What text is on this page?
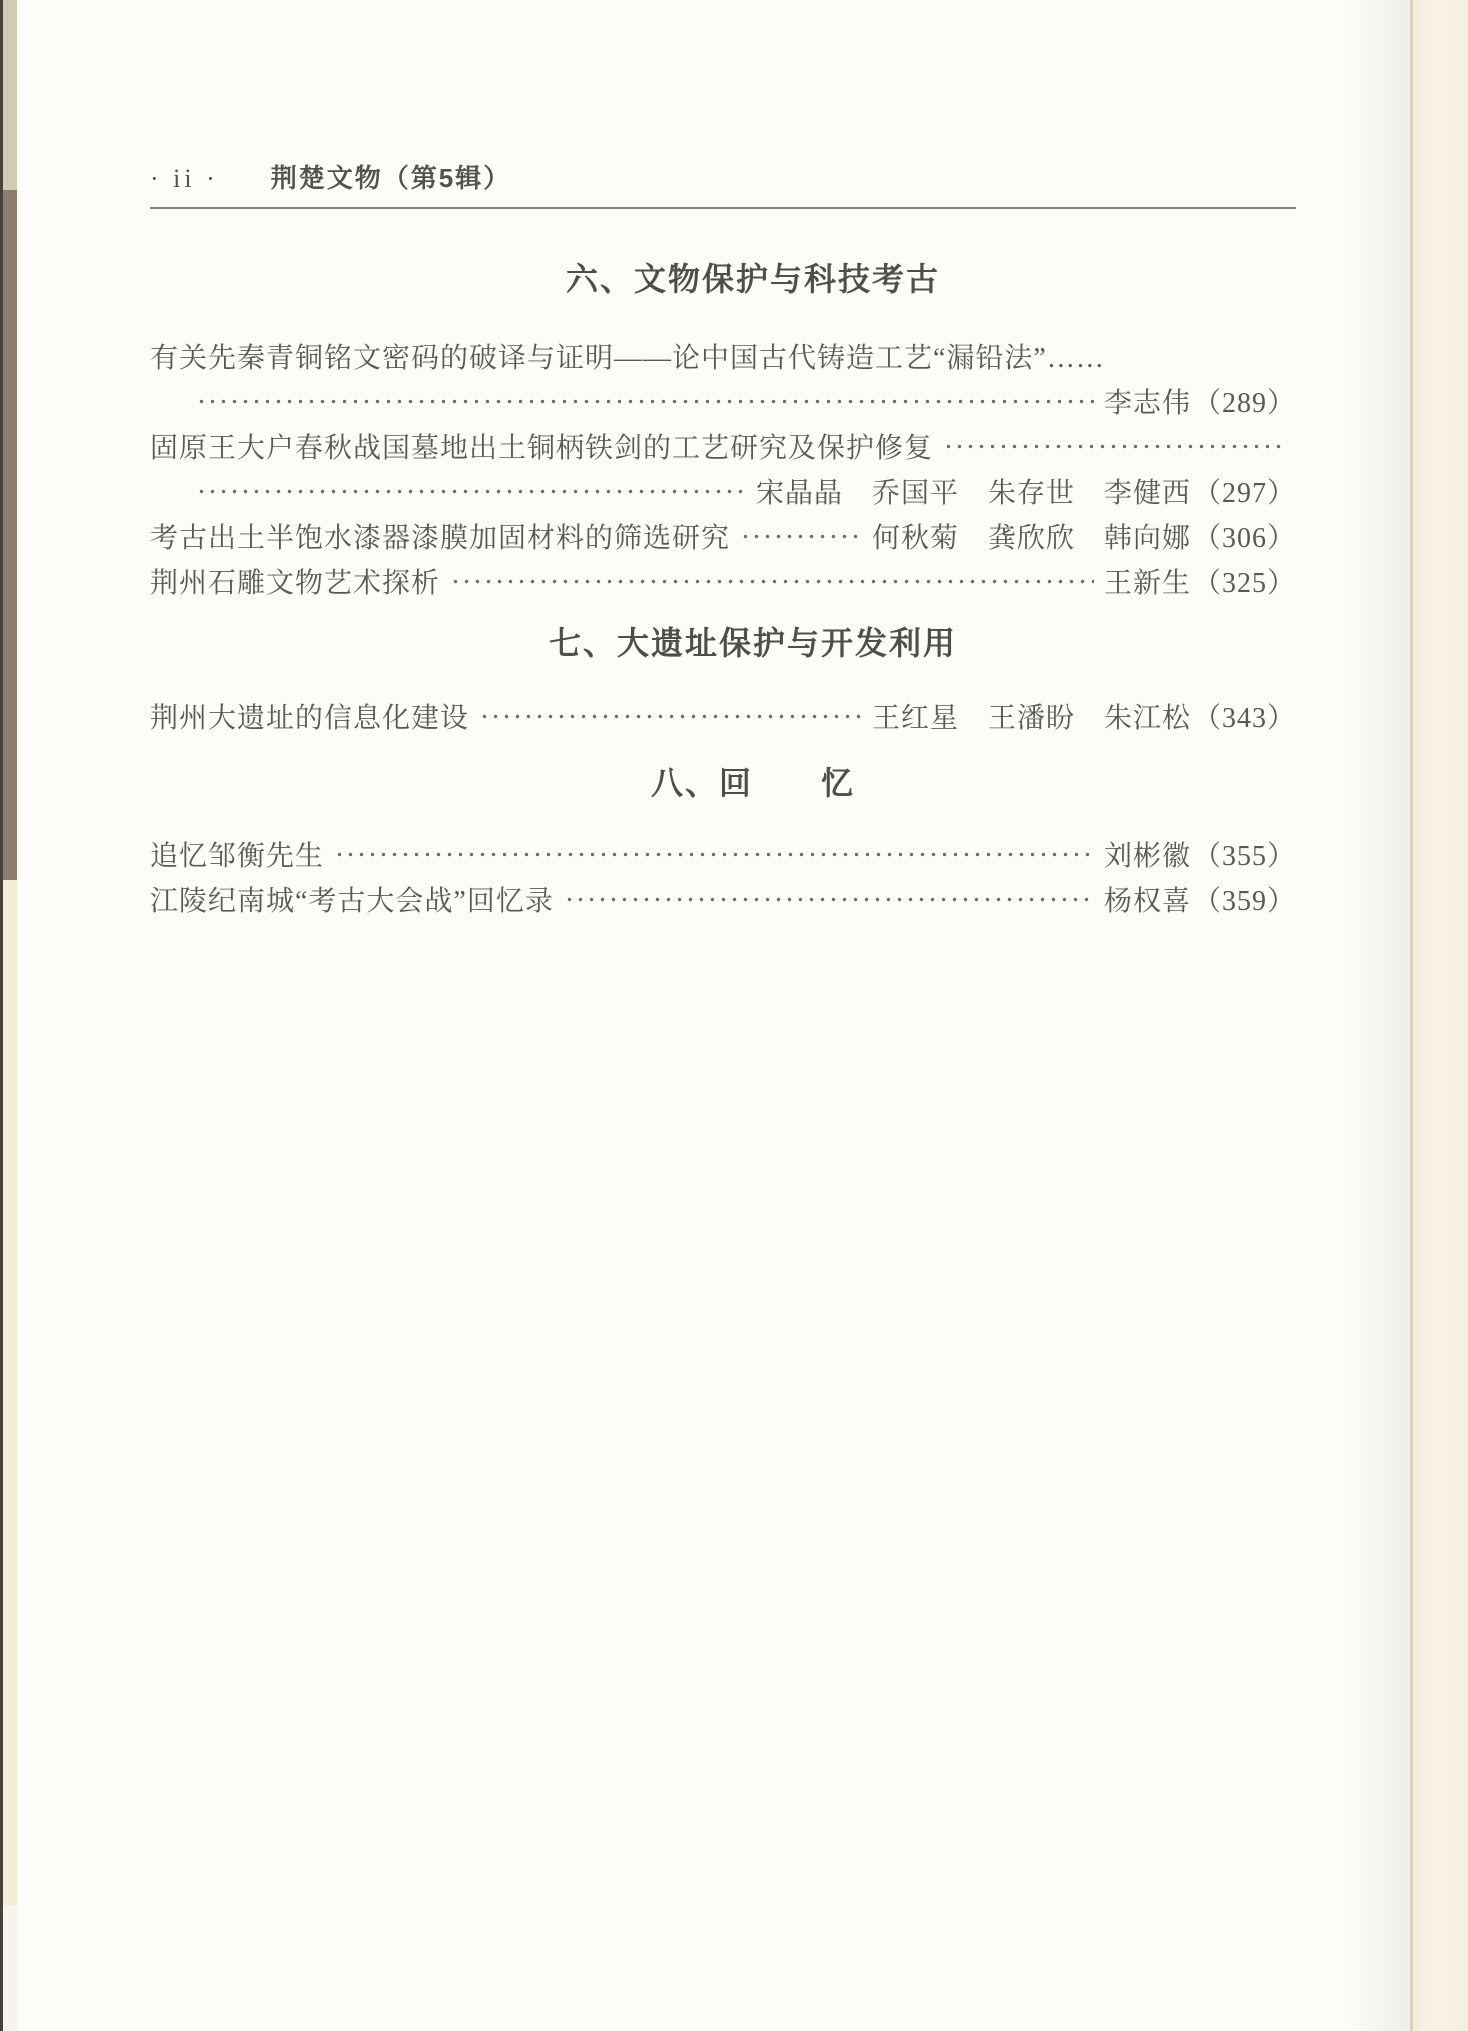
· ii · 荆楚文物（第5辑）
六、文物保护与科技考古
有关先秦青铜铭文密码的破译与证明——论中国古代铸造工艺“漏铅法”……
李志伟 （289）
固原王大户春秋战国墓地出土铜柄铁剑的工艺研究及保护修复
宋晶晶　乔国平　朱存世　李健西 （297）
考古出土半饱水漆器漆膜加固材料的筛选研究	何秋菊　龚欣欣　韩向娜 （306）
荆州石雕文物艺术探析	王新生 （325）
七、大遗址保护与开发利用
荆州大遗址的信息化建设	王红星　王潘盼　朱江松 （343）
八、回　　忆
追忆邹衡先生	刘彬徽 （355）
江陵纪南城“考古大会战”回忆录	杨权喜 （359）
